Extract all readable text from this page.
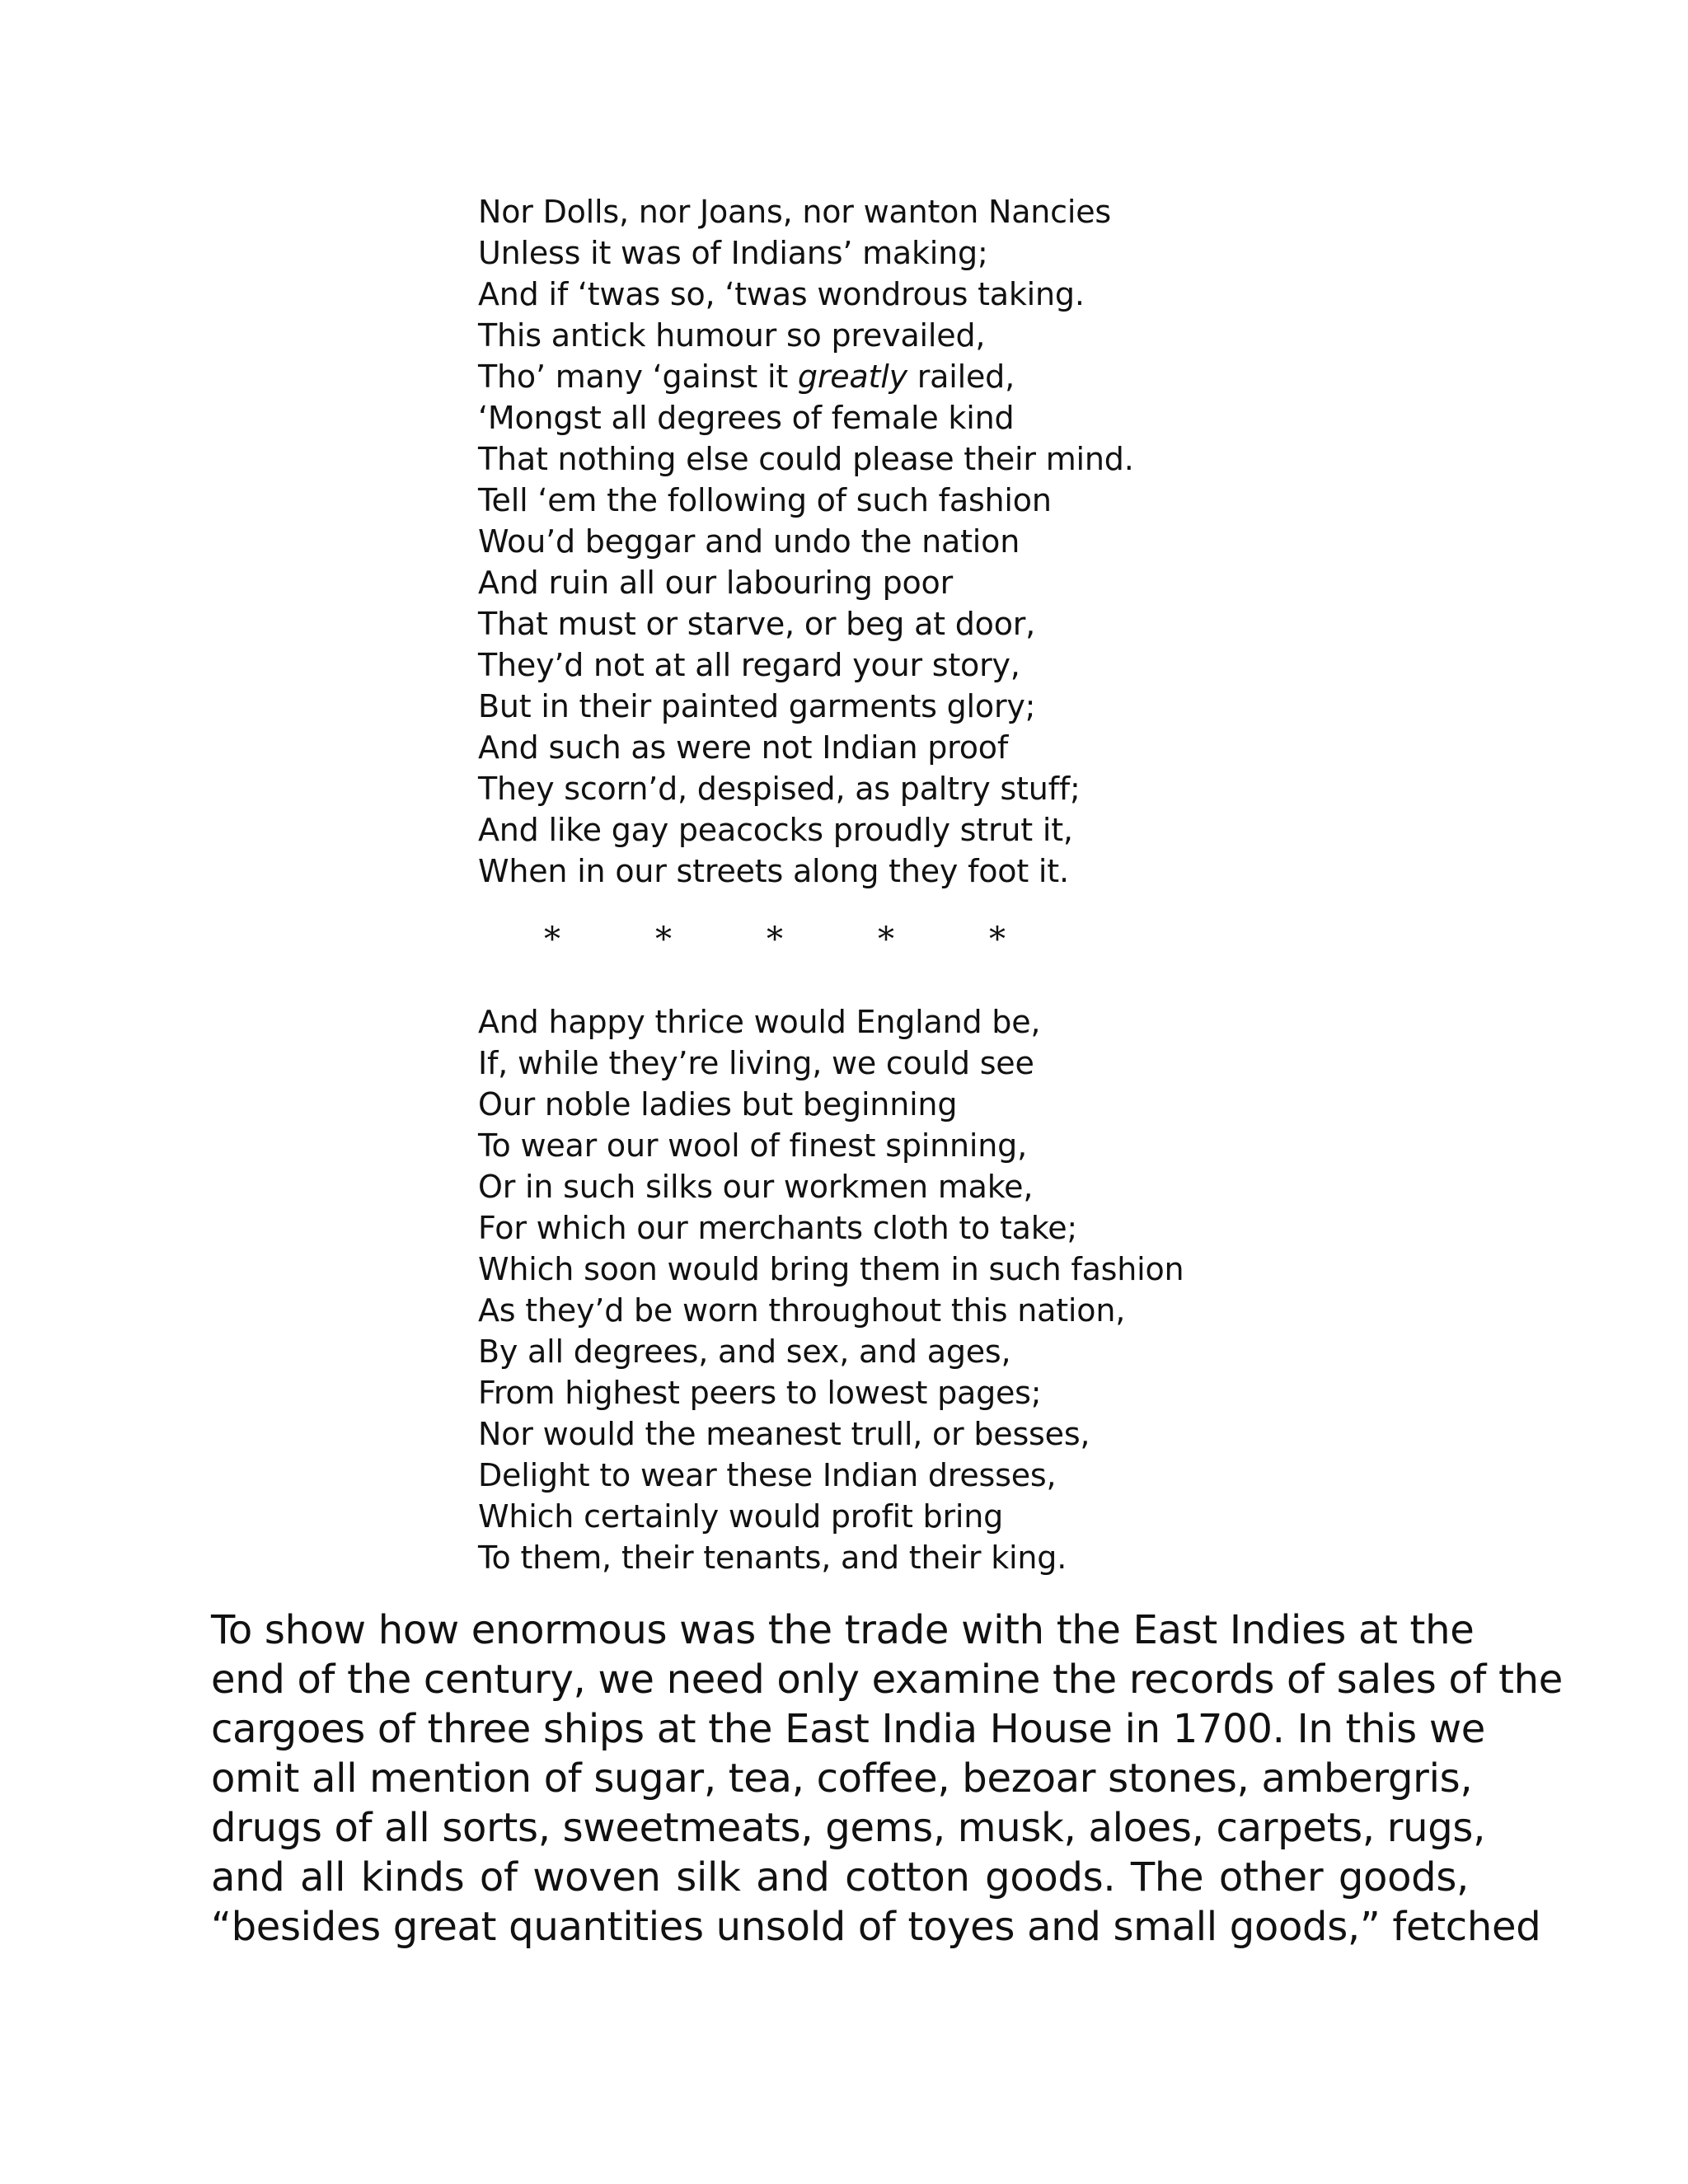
Nor Dolls, nor Joans, nor wanton Nancies
Unless it was of Indians’ making;
And if ‘twas so, ‘twas wondrous taking.
This antick humour so prevailed,
Tho’ many ‘gainst it greatly railed,
‘Mongst all degrees of female kind
That nothing else could please their mind.
Tell ‘em the following of such fashion
Wou’d beggar and undo the nation
And ruin all our labouring poor
That must or starve, or beg at door,
They’d not at all regard your story,
But in their painted garments glory;
And such as were not Indian proof
They scorn’d, despised, as paltry stuff;
And like gay peacocks proudly strut it,
When in our streets along they foot it.
*	*	*	*	*
And happy thrice would England be,
If, while they’re living, we could see
Our noble ladies but beginning
To wear our wool of finest spinning,
Or in such silks our workmen make,
For which our merchants cloth to take;
Which soon would bring them in such fashion
As they’d be worn throughout this nation,
By all degrees, and sex, and ages,
From highest peers to lowest pages;
Nor would the meanest trull, or besses,
Delight to wear these Indian dresses,
Which certainly would profit bring
To them, their tenants, and their king.
To show how enormous was the trade with the East Indies at the
end of the century, we need only examine the records of sales of the
cargoes of three ships at the East India House in 1700. In this we
omit all mention of sugar, tea, coffee, bezoar stones, ambergris,
drugs of all sorts, sweetmeats, gems, musk, aloes, carpets, rugs,
and all kinds of woven silk and cotton goods. The other goods,
“besides great quantities unsold of toyes and small goods,” fetched
